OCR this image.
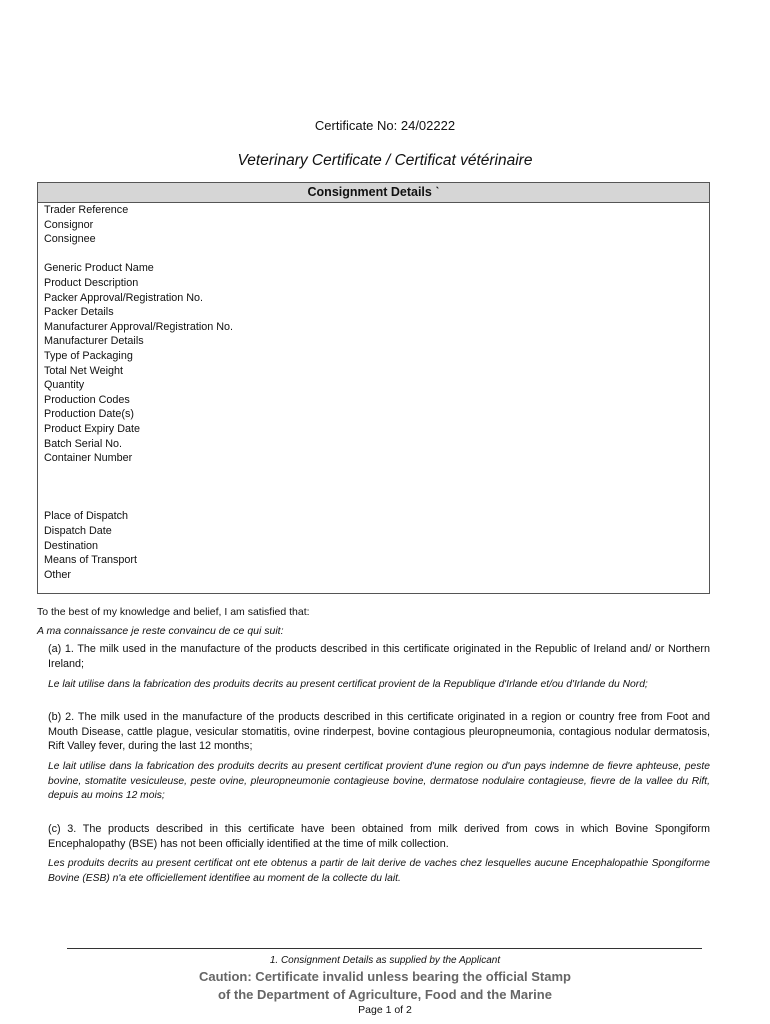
Certificate No: 24/02222
Veterinary Certificate / Certificat vétérinaire
Consignment Details ˋ
Trader Reference
Consignor
Consignee
Generic Product Name
Product Description
Packer Approval/Registration No.
Packer Details
Manufacturer Approval/Registration No.
Manufacturer Details
Type of Packaging
Total Net Weight
Quantity
Production Codes
Production Date(s)
Product Expiry Date
Batch Serial No.
Container Number
Place of Dispatch
Dispatch Date
Destination
Means of Transport
Other
To the best of my knowledge and belief, I am satisfied that:
A ma connaissance je reste convaincu de ce qui suit:
(a) 1. The milk used in the manufacture of the products described in this certificate originated in the Republic of Ireland and/ or Northern Ireland;
Le lait utilise dans la fabrication des produits decrits au present certificat provient de la Republique d'Irlande et/ou d'Irlande du Nord;
(b) 2. The milk used in the manufacture of the products described in this certificate originated in a region or country free from Foot and Mouth Disease, cattle plague, vesicular stomatitis, ovine rinderpest, bovine contagious pleuropneumonia, contagious nodular dermatosis, Rift Valley fever, during the last 12 months;
Le lait utilise dans la fabrication des produits decrits au present certificat provient d'une region ou d'un pays indemne de fievre aphteuse, peste bovine, stomatite vesiculeuse, peste ovine, pleuropneumonie contagieuse bovine, dermatose nodulaire contagieuse, fievre de la vallee du Rift, depuis au moins 12 mois;
(c) 3. The products described in this certificate have been obtained from milk derived from cows in which Bovine Spongiform Encephalopathy (BSE) has not been officially identified at the time of milk collection.
Les produits decrits au present certificat ont ete obtenus a partir de lait derive de vaches chez lesquelles aucune Encephalopathie Spongiforme Bovine (ESB) n'a ete officiellement identifiee au moment de la collecte du lait.
1. Consignment Details as supplied by the Applicant
Caution: Certificate invalid unless bearing the official Stamp
of the Department of Agriculture, Food and the Marine
Page 1 of 2
